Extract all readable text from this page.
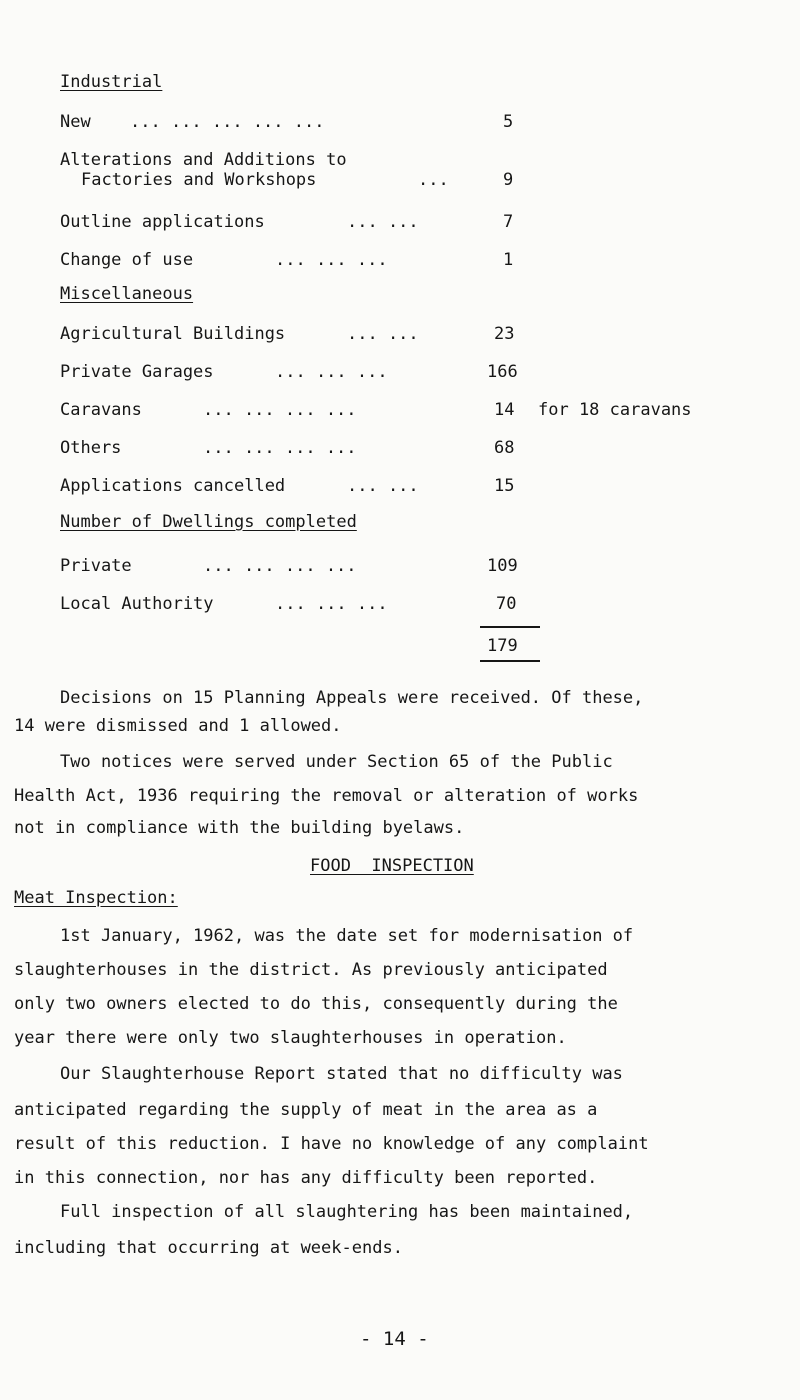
Industrial
New ... ... ... ... ...	5
Alterations and Additions to
Factories and Workshops	...	9
Outline applications	... ...	7
Change of use	... ... ...	1
Miscellaneous
Agricultural Buildings	... ...	23
Private Garages	... ... ...	166
Caravans	... ... ... ...	14 for 18 caravans
Others	... ... ... ...	68
Applications cancelled	... ...	15
Number of Dwellings completed
Private	... ... ... ...	109
Local Authority	... ... ...	70
179
Decisions on 15 Planning Appeals were received. Of these,
14 were dismissed and 1 allowed.
Two notices were served under Section 65 of the Public
Health Act, 1936 requiring the removal or alteration of works
not in compliance with the building byelaws.
FOOD  INSPECTION
Meat Inspection:
1st January, 1962, was the date set for modernisation of
slaughterhouses in the district. As previously anticipated
only two owners elected to do this, consequently during the
year there were only two slaughterhouses in operation.
Our Slaughterhouse Report stated that no difficulty was
anticipated regarding the supply of meat in the area as a
result of this reduction. I have no knowledge of any complaint
in this connection, nor has any difficulty been reported.
Full inspection of all slaughtering has been maintained,
including that occurring at week-ends.
- 14 -
